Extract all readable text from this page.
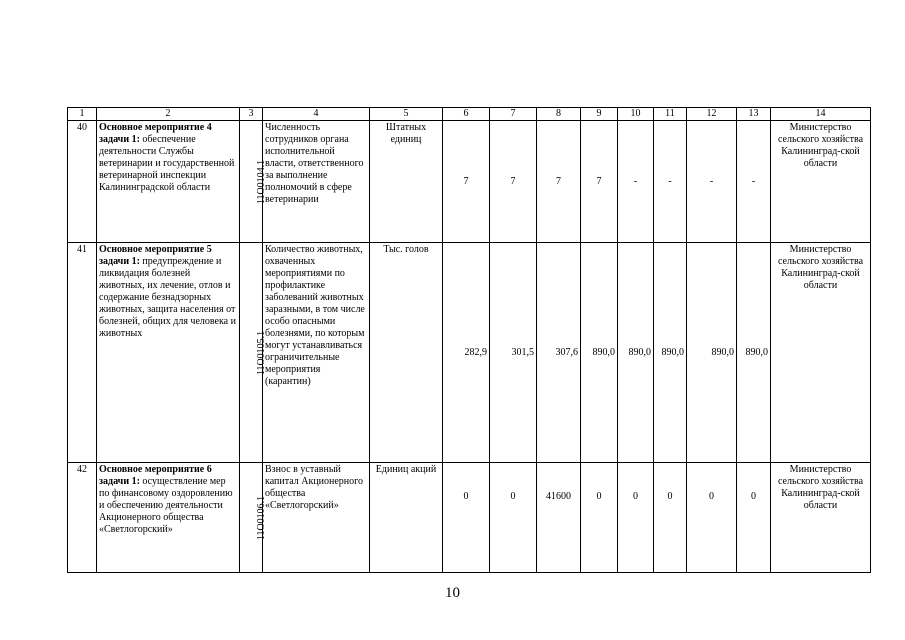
1	2	3	4	5	6	7	8	9	10	11	12	13	14
40	Основное мероприятие 4 задачи 1: обеспечение деятельности Службы ветеринарии и государственной ветеринарной инспекции Калининградской области	11О0104.1	Численность сотрудников органа исполнительной власти, ответственного за выполнение полномочий в сфере ветеринарии	Штатных единиц	7	7	7	7	-	-	-	-	Министерство сельского хозяйства Калининград-ской области
41	Основное мероприятие 5 задачи 1: предупреждение и ликвидация болезней животных, их лечение, отлов и содержание безнадзорных животных, защита населения от болезней, общих для человека и животных	11О0105.1	Количество животных, охваченных мероприятиями по профилактике заболеваний животных заразными, в том числе особо опасными болезнями, по которым могут устанавливаться ограничительные мероприятия (карантин)	Тыс. голов	282,9	301,5	307,6	890,0	890,0	890,0	890,0	890,0	Министерство сельского хозяйства Калининград-ской области
42	Основное мероприятие 6 задачи 1: осуществление мер по финансовому оздоровлению и обеспечению деятельности Акционерного общества «Светлогорский»	11О0106.1	Взнос в уставный капитал Акционерного общества «Светлогорский»	Единиц акций	0	0	41600	0	0	0	0	0	Министерство сельского хозяйства Калининград-ской области
10
